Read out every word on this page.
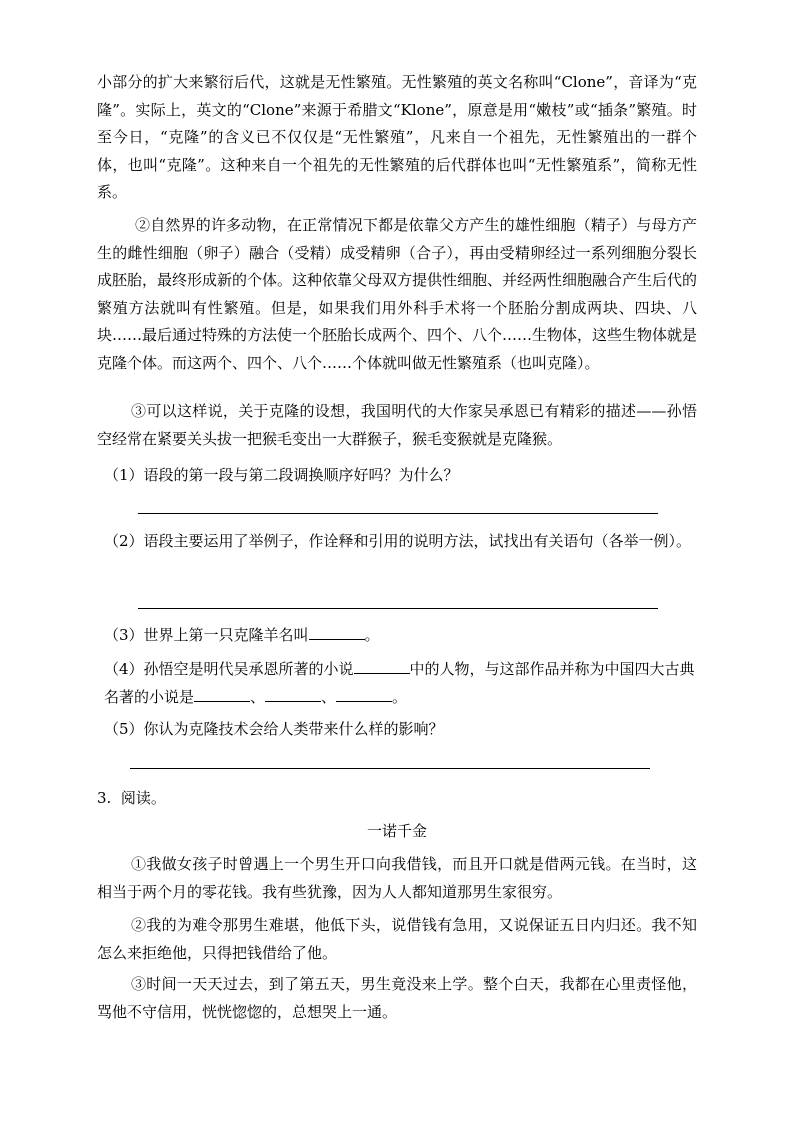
小部分的扩大来繁衍后代，这就是无性繁殖。无性繁殖的英文名称叫“Clone”，音译为“克隆”。实际上，英文的“Clone”来源于希腊文“Klone”，原意是用“嫩枝”或“插条”繁殖。时至今日，“克隆”的含义已不仅仅是“无性繁殖”，凡来自一个祖先，无性繁殖出的一群个体，也叫“克隆”。这种来自一个祖先的无性繁殖的后代群体也叫“无性繁殖系”，简称无性系。

②自然界的许多动物，在正常情况下都是依靠父方产生的雄性细胞（精子）与母方产生的雌性细胞（卵子）融合（受精）成受精卵（合子），再由受精卵经过一系列细胞分裂长成胚胎，最终形成新的个体。这种依靠父母双方提供性细胞、并经两性细胞融合产生后代的繁殖方法就叫有性繁殖。但是，如果我们用外科手术将一个胚胎分割成两块、四块、八块……最后通过特殊的方法使一个胚胎长成两个、四个、八个……生物体，这些生物体就是克隆个体。而这两个、四个、八个……个体就叫做无性繁殖系（也叫克隆）。

③可以这样说，关于克隆的设想，我国明代的大作家吴承恩已有精彩的描述——孙悟空经常在紧要关头拔一把猴毛变出一大群猴子，猴毛变猴就是克隆猴。

（1）语段的第一段与第二段调换顺序好吗？为什么？

（2）语段主要运用了举例子，作诠释和引用的说明方法，试找出有关语句（各举一例）。

（3）世界上第一只克隆羊名叫	。

（4）孙悟空是明代吴承恩所著的小说	中的人物，与这部作品并称为中国四大古典名著的小说是	、	、	。

（5）你认为克隆技术会给人类带来什么样的影响？

3. 阅读。
一诺千金

①我做女孩子时曾遇上一个男生开口向我借钱，而且开口就是借两元钱。在当时，这相当于两个月的零花钱。我有些犹豫，因为人人都知道那男生家很穷。

②我的为难令那男生难堪，他低下头，说借钱有急用，又说保证五日内归还。我不知怎么来拒绝他，只得把钱借给了他。

③时间一天天过去，到了第五天，男生竟没来上学。整个白天，我都在心里责怪他，骂他不守信用，恍恍惚惚的，总想哭上一通。
